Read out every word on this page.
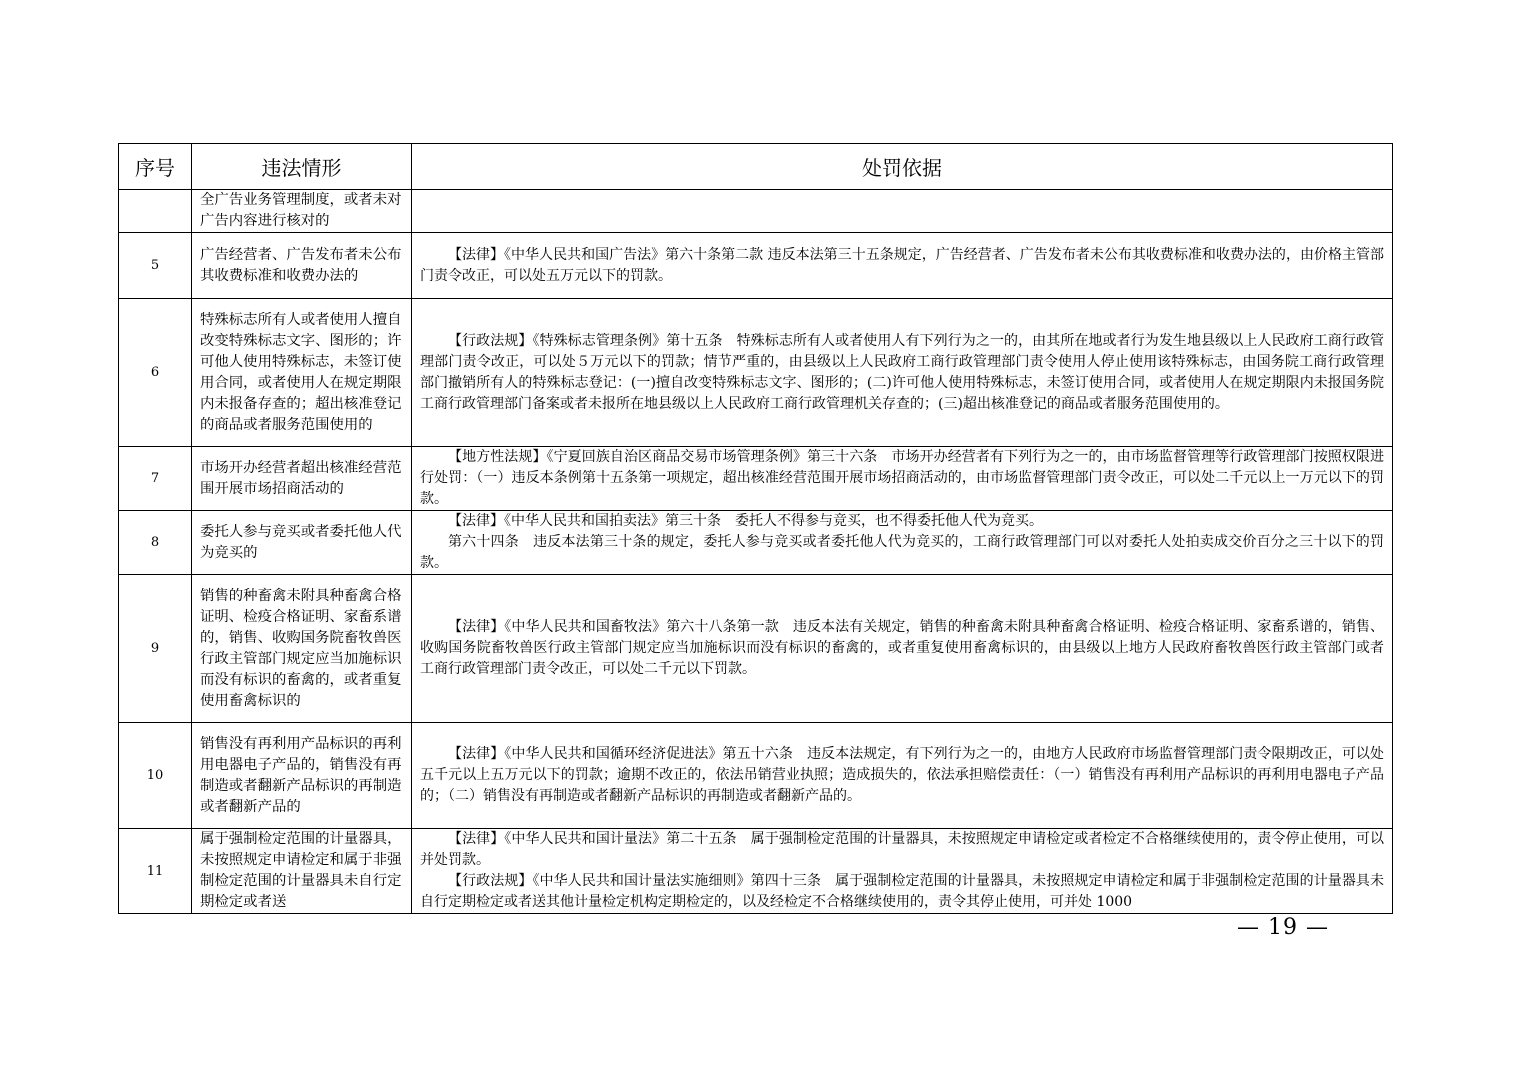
序号	违法情形	处罚依据
	全广告业务管理制度，或者未对广告内容进行核对的	
5	广告经营者、广告发布者未公布其收费标准和收费办法的	【法律】《中华人民共和国广告法》第六十条第二款 违反本法第三十五条规定，广告经营者、广告发布者未公布其收费标准和收费办法的，由价格主管部门责令改正，可以处五万元以下的罚款。

6	特殊标志所有人或者使用人擅自改变特殊标志文字、图形的；许可他人使用特殊标志，未签订使用合同，或者使用人在规定期限内未报备存查的；超出核准登记的商品或者服务范围使用的	【行政法规】《特殊标志管理条例》第十五条　特殊标志所有人或者使用人有下列行为之一的，由其所在地或者行为发生地县级以上人民政府工商行政管理部门责令改正，可以处５万元以下的罚款；情节严重的，由县级以上人民政府工商行政管理部门责令使用人停止使用该特殊标志，由国务院工商行政管理部门撤销所有人的特殊标志登记：(一)擅自改变特殊标志文字、图形的；(二)许可他人使用特殊标志，未签订使用合同，或者使用人在规定期限内未报国务院工商行政管理部门备案或者未报所在地县级以上人民政府工商行政管理机关存查的；(三)超出核准登记的商品或者服务范围使用的。

7	市场开办经营者超出核准经营范围开展市场招商活动的	【地方性法规】《宁夏回族自治区商品交易市场管理条例》第三十六条　市场开办经营者有下列行为之一的，由市场监督管理等行政管理部门按照权限进行处罚：（一）违反本条例第十五条第一项规定，超出核准经营范围开展市场招商活动的，由市场监督管理部门责令改正，可以处二千元以上一万元以下的罚款。

8	委托人参与竞买或者委托他人代为竞买的	【法律】《中华人民共和国拍卖法》第三十条　委托人不得参与竞买，也不得委托他人代为竞买。
第六十四条　违反本法第三十条的规定，委托人参与竞买或者委托他人代为竞买的，工商行政管理部门可以对委托人处拍卖成交价百分之三十以下的罚款。

9	销售的种畜禽未附具种畜禽合格证明、检疫合格证明、家畜系谱的，销售、收购国务院畜牧兽医行政主管部门规定应当加施标识而没有标识的畜禽的，或者重复使用畜禽标识的	【法律】《中华人民共和国畜牧法》第六十八条第一款　违反本法有关规定，销售的种畜禽未附具种畜禽合格证明、检疫合格证明、家畜系谱的，销售、收购国务院畜牧兽医行政主管部门规定应当加施标识而没有标识的畜禽的，或者重复使用畜禽标识的，由县级以上地方人民政府畜牧兽医行政主管部门或者工商行政管理部门责令改正，可以处二千元以下罚款。

10	销售没有再利用产品标识的再利用电器电子产品的，销售没有再制造或者翻新产品标识的再制造或者翻新产品的	【法律】《中华人民共和国循环经济促进法》第五十六条　违反本法规定，有下列行为之一的，由地方人民政府市场监督管理部门责令限期改正，可以处五千元以上五万元以下的罚款；逾期不改正的，依法吊销营业执照；造成损失的，依法承担赔偿责任：（一）销售没有再利用产品标识的再利用电器电子产品的；（二）销售没有再制造或者翻新产品标识的再制造或者翻新产品的。

11	属于强制检定范围的计量器具，未按照规定申请检定和属于非强制检定范围的计量器具未自行定期检定或者送	【法律】《中华人民共和国计量法》第二十五条　属于强制检定范围的计量器具，未按照规定申请检定或者检定不合格继续使用的，责令停止使用，可以并处罚款。
【行政法规】《中华人民共和国计量法实施细则》第四十三条　属于强制检定范围的计量器具，未按照规定申请检定和属于非强制检定范围的计量器具未自行定期检定或者送其他计量检定机构定期检定的，以及经检定不合格继续使用的，责令其停止使用，可并处 1000
— 19 —
